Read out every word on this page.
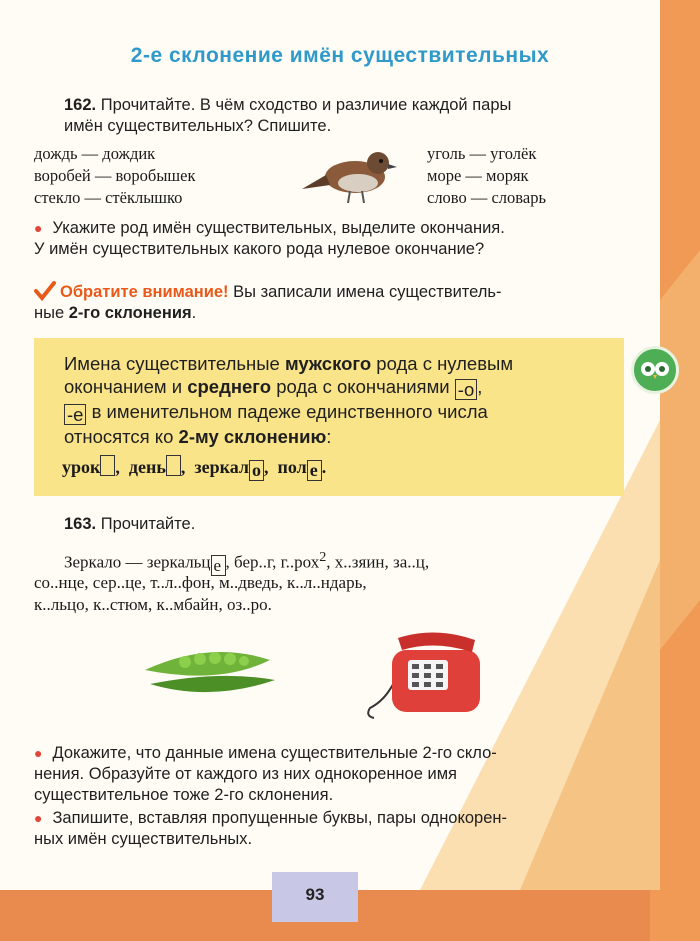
2-е склонение имён существительных
162. Прочитайте. В чём сходство и различие каждой пары
имён существительных? Спишите.
дождь — дождик
воробей — воробышек
стекло — стёклышко
уголь — уголёк
море — моряк
слово — словарь
● Укажите род имён существительных, выделите окончания.
У имён существительных какого рода нулевое окончание?
Обратите внимание! Вы записали имена существитель-
ные 2-го склонения.
Имена существительные мужского рода с нулевым
окончанием и среднего рода с окончаниями -о ,
-е в именительном падеже единственного числа
относятся ко 2-му склонению:
урок ,  день ,  зеркал о ,  пол е .
163. Прочитайте.
Зеркало — зеркальц е , бер..г, г..рох$^2$, х..зяин, за..ц,
со..нце, сер..це, т..л..фон, м..дведь, к..л..ндарь,
к..льцо, к..стюм, к..мбайн, оз..ро.
● Докажите, что данные имена существительные 2-го скло-
нения. Образуйте от каждого из них однокоренное имя
существительное тоже 2-го склонения.
● Запишите, вставляя пропущенные буквы, пары однокорен-
ных имён существительных.
93
